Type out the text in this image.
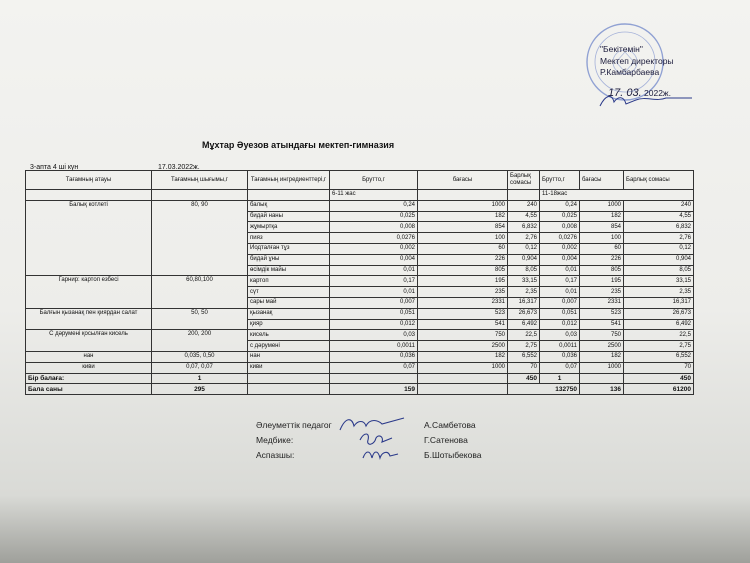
"Бекітемін"
Мектеп директоры
Р.Камбарбаева
17. 03. 2022ж.
Мұхтар Әуезов атындағы мектеп-гимназия
3-апта 4 ші күн	17.03.2022ж.
Тағамның атауы	Тағамның шығымы,г	Тағамның ингредиенттері,г	Брутто,г	бағасы	Барлық сомасы	Брутто,г	бағасы	Барлық сомасы
			6-11 жас			11-18жас		
Балық котлеті	80, 90	балық	0,24	1000	240	0,24	1000	240
		бидай наны	0,025	182	4,55	0,025	182	4,55
		жұмыртқа	0,008	854	6,832	0,008	854	6,832
		пияз	0,0276	100	2,76	0,0276	100	2,76
		Йодталған тұз	0,002	60	0,12	0,002	60	0,12
		бидай ұны	0,004	226	0,904	0,004	226	0,904
		өсімдік майы	0,01	805	8,05	0,01	805	8,05
Гарнир: картоп езбесі	60,80,100	картоп	0,17	195	33,15	0,17	195	33,15
		сүт	0,01	235	2,35	0,01	235	2,35
		сары май	0,007	2331	16,317	0,007	2331	16,317
Балғын қызанақ пен қиярдан салат	50, 50	қызанақ	0,051	523	26,673	0,051	523	26,673
		қияр	0,012	541	6,492	0,012	541	6,492
С дәрумені қосылған кисель	200, 200	кисель	0,03	750	22,5	0,03	750	22,5
		с дәрумені	0,0011	2500	2,75	0,0011	2500	2,75
нан	0,035, 0,50	нан	0,036	182	6,552	0,036	182	6,552
киви	0,07, 0,07	киви	0,07	1000	70	0,07	1000	70
Бір балаға:	1				450	1		450
Бала саны	295		159		132750		136	61200
Әлеуметтік педагог	А.Самбетова
Медбике:	Г.Сатенова
Аспазшы:	Б.Шотыбекова
